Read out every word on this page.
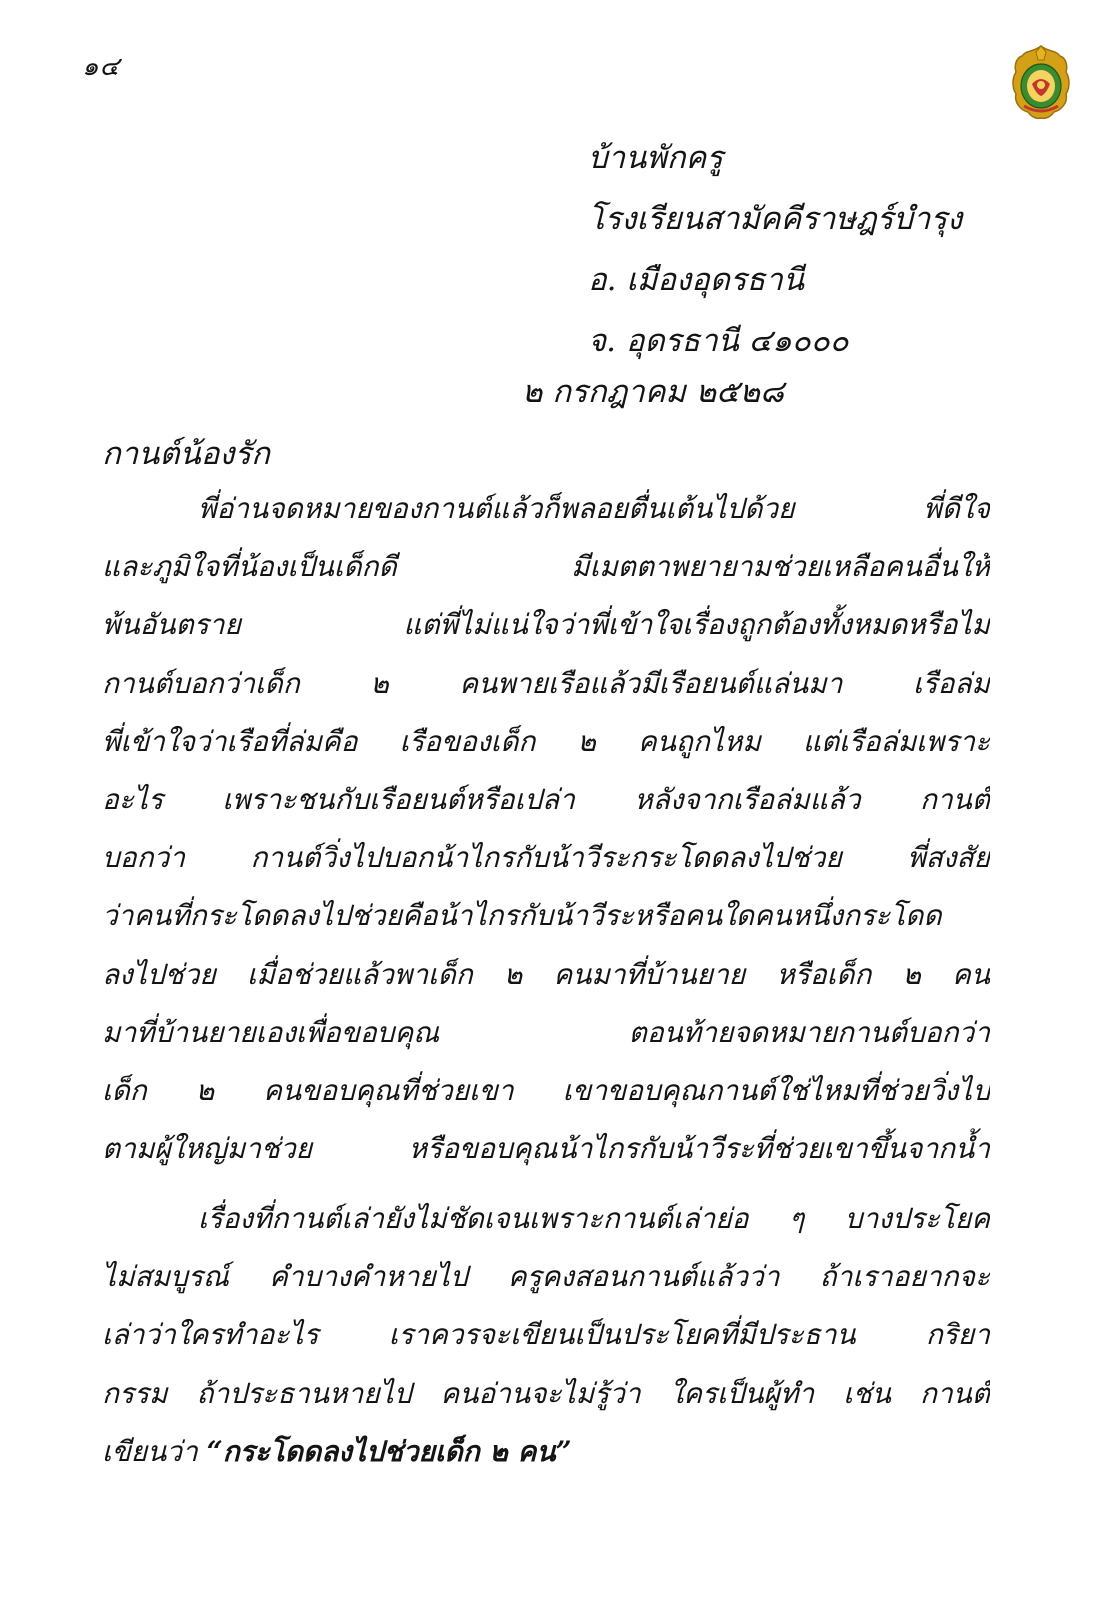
๑๔
บ้านพักครู
โรงเรียนสามัคคีราษฎร์บำรุง
อ. เมืองอุดรธานี
จ. อุดรธานี ๔๑๐๐๐
๒ กรกฎาคม ๒๕๒๘
กานต์น้องรัก
พี่อ่านจดหมายของกานต์แล้วก็พลอยตื่นเต้นไปด้วย พี่ดีใจ
และภูมิใจที่น้องเป็นเด็กดี มีเมตตาพยายามช่วยเหลือคนอื่นให้
พ้นอันตราย แต่พี่ไม่แน่ใจว่าพี่เข้าใจเรื่องถูกต้องทั้งหมดหรือไม่
กานต์บอกว่าเด็ก ๒ คนพายเรือแล้วมีเรือยนต์แล่นมา เรือล่ม
พี่เข้าใจว่าเรือที่ล่มคือ เรือของเด็ก ๒ คนถูกไหม แต่เรือล่มเพราะ
อะไร เพราะชนกับเรือยนต์หรือเปล่า หลังจากเรือล่มแล้ว กานต์
บอกว่า กานต์วิ่งไปบอกน้าไกรกับน้าวีระกระโดดลงไปช่วย พี่สงสัย
ว่าคนที่กระโดดลงไปช่วยคือน้าไกรกับน้าวีระหรือคนใดคนหนึ่งกระโดด
ลงไปช่วย เมื่อช่วยแล้วพาเด็ก ๒ คนมาที่บ้านยาย หรือเด็ก ๒ คน
มาที่บ้านยายเองเพื่อขอบคุณ ตอนท้ายจดหมายกานต์บอกว่า
เด็ก ๒ คนขอบคุณที่ช่วยเขา เขาขอบคุณกานต์ใช่ไหมที่ช่วยวิ่งไป
ตามผู้ใหญ่มาช่วย หรือขอบคุณน้าไกรกับน้าวีระที่ช่วยเขาขึ้นจากน้ำ
เรื่องที่กานต์เล่ายังไม่ชัดเจนเพราะกานต์เล่าย่อ ๆ บางประโยค
ไม่สมบูรณ์ คำบางคำหายไป ครูคงสอนกานต์แล้วว่า ถ้าเราอยากจะ
เล่าว่าใครทำอะไร เราควรจะเขียนเป็นประโยคที่มีประธาน กริยา
กรรม ถ้าประธานหายไป คนอ่านจะไม่รู้ว่า ใครเป็นผู้ทำ เช่น กานต์
เขียนว่า “กระโดดลงไปช่วยเด็ก ๒ คน”
